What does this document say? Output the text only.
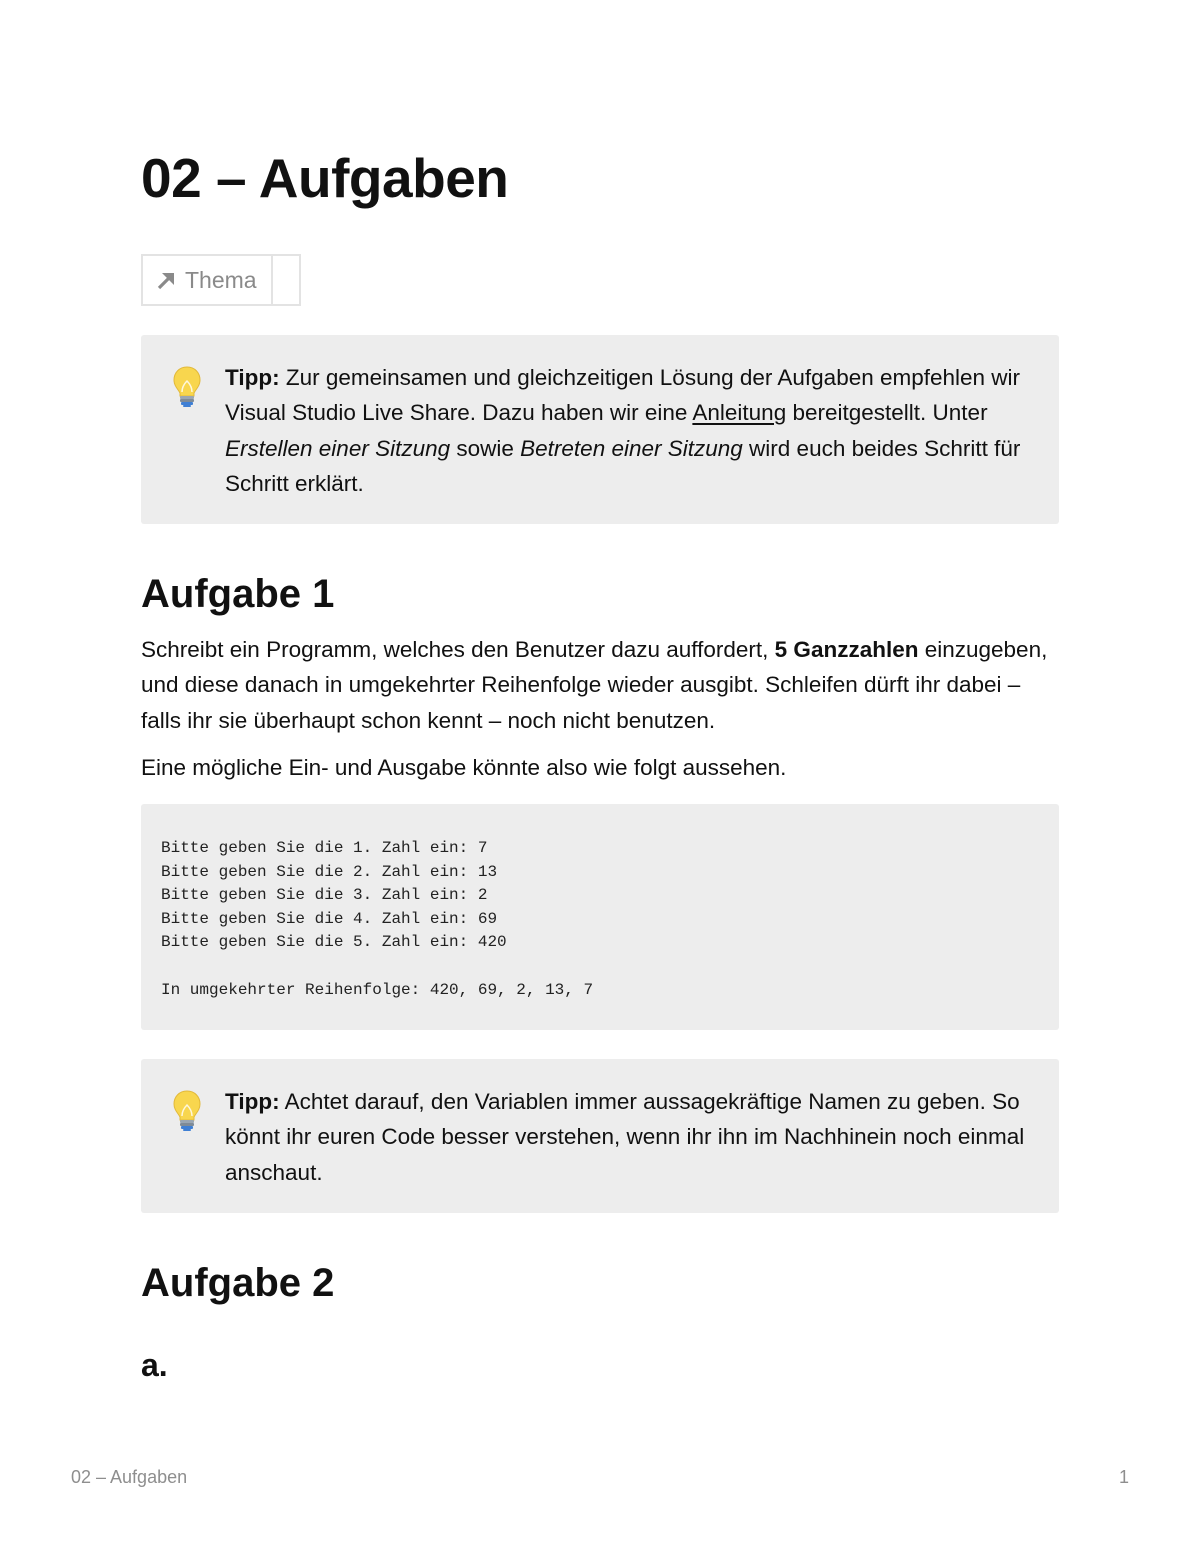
02 – Aufgaben
Thema

Tipp: Zur gemeinsamen und gleichzeitigen Lösung der Aufgaben empfehlen wir Visual Studio Live Share. Dazu haben wir eine Anleitung bereitgestellt. Unter Erstellen einer Sitzung sowie Betreten einer Sitzung wird euch beides Schritt für Schritt erklärt.

Aufgabe 1

Schreibt ein Programm, welches den Benutzer dazu auffordert, 5 Ganzzahlen einzugeben, und diese danach in umgekehrter Reihenfolge wieder ausgibt. Schleifen dürft ihr dabei – falls ihr sie überhaupt schon kennt – noch nicht benutzen.

Eine mögliche Ein- und Ausgabe könnte also wie folgt aussehen.

Bitte geben Sie die 1. Zahl ein: 7
Bitte geben Sie die 2. Zahl ein: 13
Bitte geben Sie die 3. Zahl ein: 2
Bitte geben Sie die 4. Zahl ein: 69
Bitte geben Sie die 5. Zahl ein: 420
In umgekehrter Reihenfolge: 420, 69, 2, 13, 7

Tipp: Achtet darauf, den Variablen immer aussagekräftige Namen zu geben. So könnt ihr euren Code besser verstehen, wenn ihr ihn im Nachhinein noch einmal anschaut.

Aufgabe 2
a.
02 – Aufgaben	1
